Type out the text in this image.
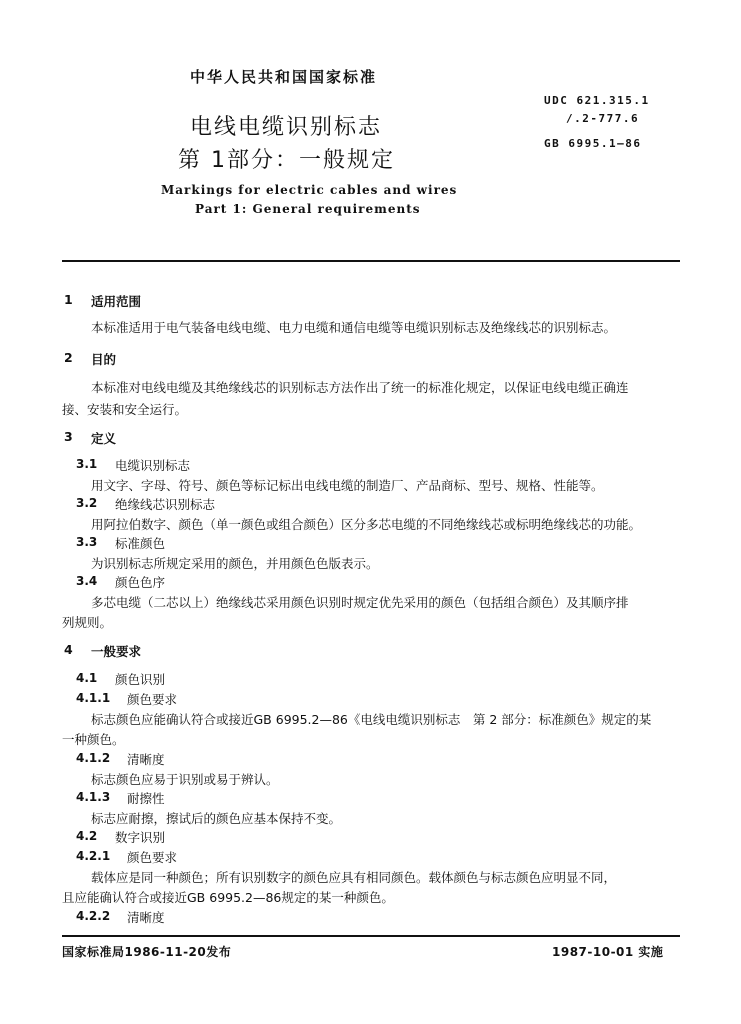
中华人民共和国国家标准
UDC 621.315.1
/.2-777.6
GB 6995.1—86
电线电缆识别标志
第 1部分：一般规定
Markings for electric cables and wires
Part 1: General requirements
1 适用范围
本标准适用于电气装备电线电缆、电力电缆和通信电缆等电缆识别标志及绝缘线芯的识别标志。
2 目的
本标准对电线电缆及其绝缘线芯的识别标志方法作出了统一的标准化规定，以保证电线电缆正确连
接、安装和安全运行。
3 定义
3.1 电缆识别标志
用文字、字母、符号、颜色等标记标出电线电缆的制造厂、产品商标、型号、规格、性能等。
3.2 绝缘线芯识别标志
用阿拉伯数字、颜色（单一颜色或组合颜色）区分多芯电缆的不同绝缘线芯或标明绝缘线芯的功能。
3.3 标准颜色
为识别标志所规定采用的颜色，并用颜色色版表示。
3.4 颜色色序
多芯电缆（二芯以上）绝缘线芯采用颜色识别时规定优先采用的颜色（包括组合颜色）及其顺序排
列规则。
4 一般要求
4.1 颜色识别
4.1.1 颜色要求
标志颜色应能确认符合或接近GB 6995.2—86《电线电缆识别标志　第 2 部分：标准颜色》规定的某
一种颜色。
4.1.2 清晰度
标志颜色应易于识别或易于辨认。
4.1.3 耐擦性
标志应耐擦，擦试后的颜色应基本保持不变。
4.2 数字识别
4.2.1 颜色要求
载体应是同一种颜色；所有识别数字的颜色应具有相同颜色。载体颜色与标志颜色应明显不同，
且应能确认符合或接近GB 6995.2—86规定的某一种颜色。
4.2.2 清晰度
国家标准局1986-11-20发布	1987-10-01 实施
